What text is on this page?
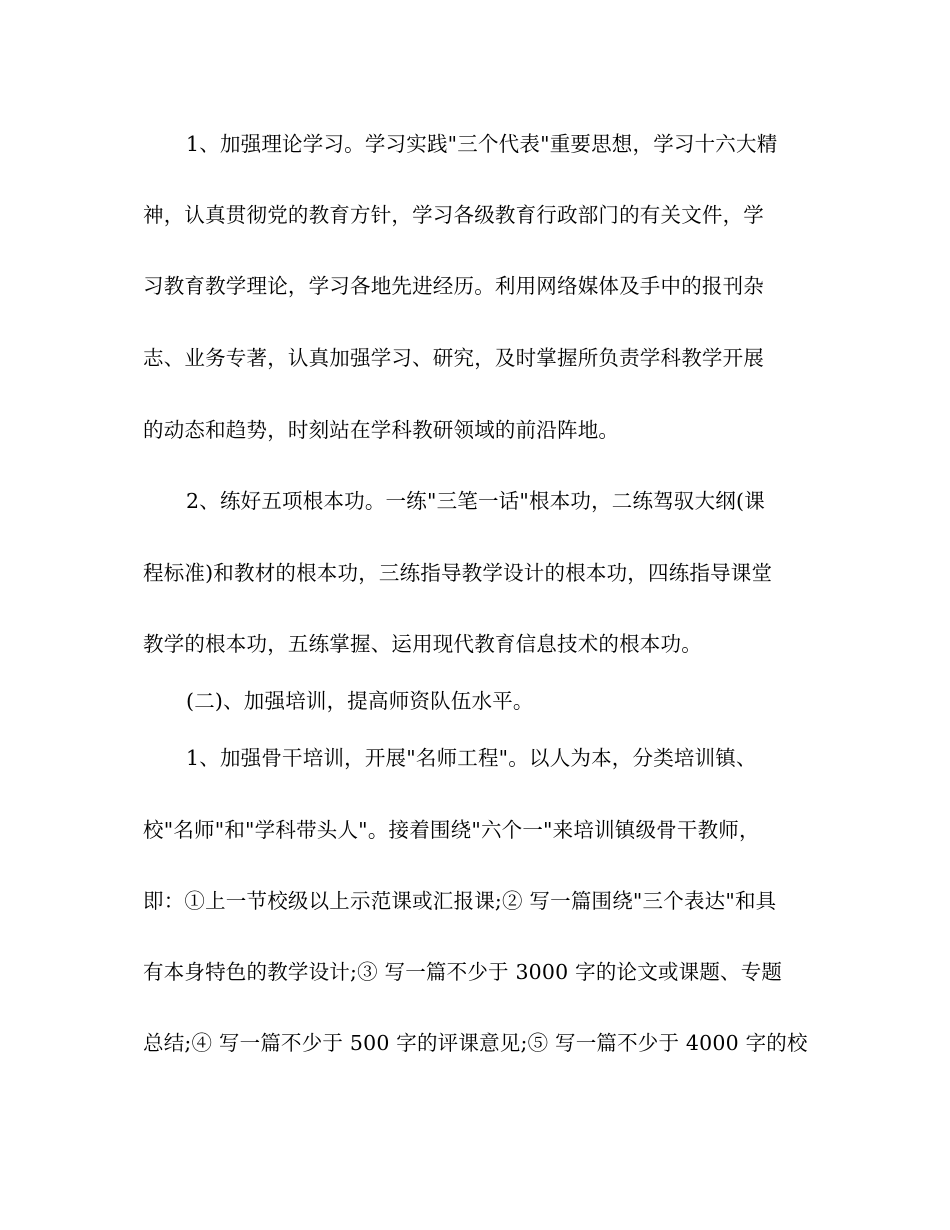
1、加强理论学习。学习实践"三个代表"重要思想，学习十六大精
神，认真贯彻党的教育方针，学习各级教育行政部门的有关文件，学
习教育教学理论，学习各地先进经历。利用网络媒体及手中的报刊杂
志、业务专著，认真加强学习、研究，及时掌握所负责学科教学开展
的动态和趋势，时刻站在学科教研领域的前沿阵地。
2、练好五项根本功。一练"三笔一话"根本功，二练驾驭大纲(课
程标准)和教材的根本功，三练指导教学设计的根本功，四练指导课堂
教学的根本功，五练掌握、运用现代教育信息技术的根本功。
(二)、加强培训，提高师资队伍水平。
1、加强骨干培训，开展"名师工程"。以人为本，分类培训镇、
校"名师"和"学科带头人"。接着围绕"六个一"来培训镇级骨干教师，
即：①上一节校级以上示范课或汇报课;② 写一篇围绕"三个表达"和具
有本身特色的教学设计;③ 写一篇不少于 3000 字的论文或课题、专题
总结;④ 写一篇不少于 500 字的评课意见;⑤ 写一篇不少于 4000 字的校
